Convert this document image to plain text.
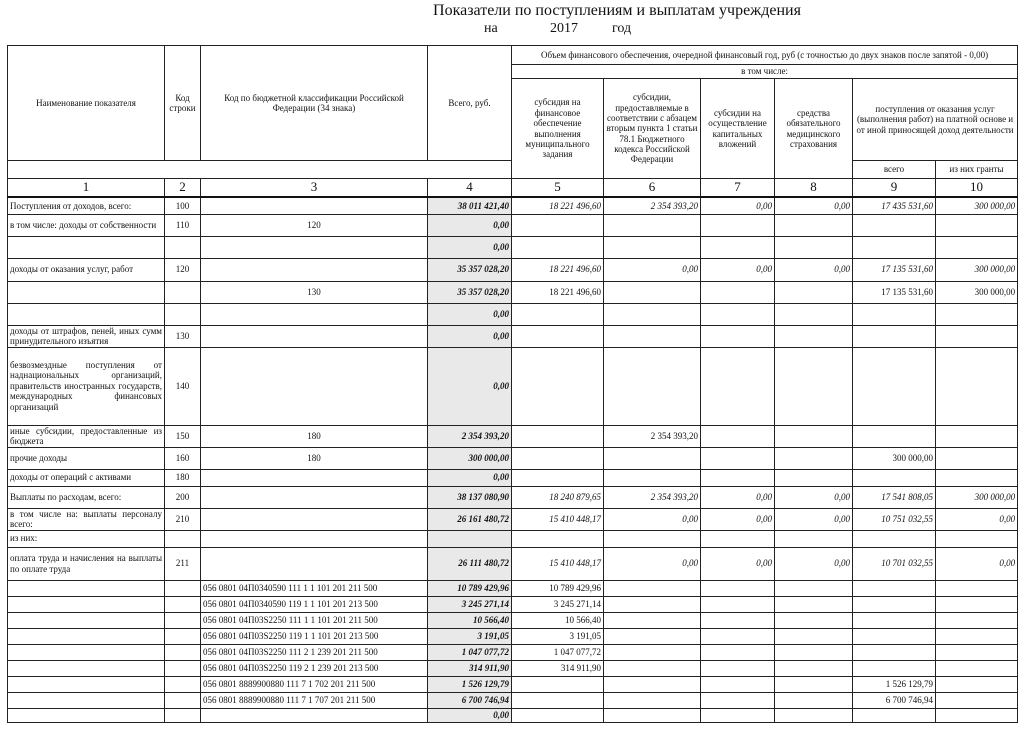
Показатели по поступлениям и выплатам учреждения
на	2017 год
Наименование показателя	Код строки	Код по бюджетной классификации Российской Федерации (34 знака)	Всего, руб.	Объем финансового обеспечения, очередной финансовый год, руб (с точностью до двух знаков после запятой - 0,00)					
				в том числе:					
				субсидия на финансовое обеспечение выполнения муниципального задания	субсидии, предоставляемые в соответствии с абзацем вторым пункта 1 статьи 78.1 Бюджетного кодекса Российской Федерации	субсидии на осуществление капитальных вложений	средства обязательного медицинского страхования	поступления от оказания услуг (выполнения работ) на платной основе и от иной приносящей доход деятельности	
								всего	из них гранты
1	2	3	4	5	6	7	8	9	10
Поступления от доходов, всего:	100		38 011 421,40	18 221 496,60	2 354 393,20	0,00	0,00	17 435 531,60	300 000,00
в том числе: доходы от собственности	110	120	0,00						
			0,00						
доходы от оказания услуг, работ	120		35 357 028,20	18 221 496,60	0,00	0,00	0,00	17 135 531,60	300 000,00
		130	35 357 028,20	18 221 496,60				17 135 531,60	300 000,00
			0,00						
доходы от штрафов, пеней, иных сумм принудительного изъятия	130		0,00						
безвозмездные поступления от наднациональных организаций, правительств иностранных государств, международных финансовых организаций	140		0,00						
иные субсидии, предоставленные из бюджета	150	180	2 354 393,20		2 354 393,20				
прочие доходы	160	180	300 000,00					300 000,00	
доходы от операций с активами	180		0,00						
Выплаты по расходам, всего:	200		38 137 080,90	18 240 879,65	2 354 393,20	0,00	0,00	17 541 808,05	300 000,00
в том числе на: выплаты персоналу всего:	210		26 161 480,72	15 410 448,17	0,00	0,00	0,00	10 751 032,55	0,00
из них:									
оплата труда и начисления на выплаты по оплате труда	211		26 111 480,72	15 410 448,17	0,00	0,00	0,00	10 701 032,55	0,00
		056 0801 04П0340590 111 1 1 101 201 211 500	10 789 429,96	10 789 429,96					
		056 0801 04П0340590 119 1 1 101 201 213 500	3 245 271,14	3 245 271,14					
		056 0801 04П03S2250 111 1 1 101 201 211 500	10 566,40	10 566,40					
		056 0801 04П03S2250 119 1 1 101 201 213 500	3 191,05	3 191,05					
		056 0801 04П03S2250 111 2 1 239 201 211 500	1 047 077,72	1 047 077,72					
		056 0801 04П03S2250 119 2 1 239 201 213 500	314 911,90	314 911,90					
		056 0801 8889900880 111 7 1 702 201 211 500	1 526 129,79					1 526 129,79	
		056 0801 8889900880 111 7 1 707 201 211 500	6 700 746,94					6 700 746,94	
			0,00						
